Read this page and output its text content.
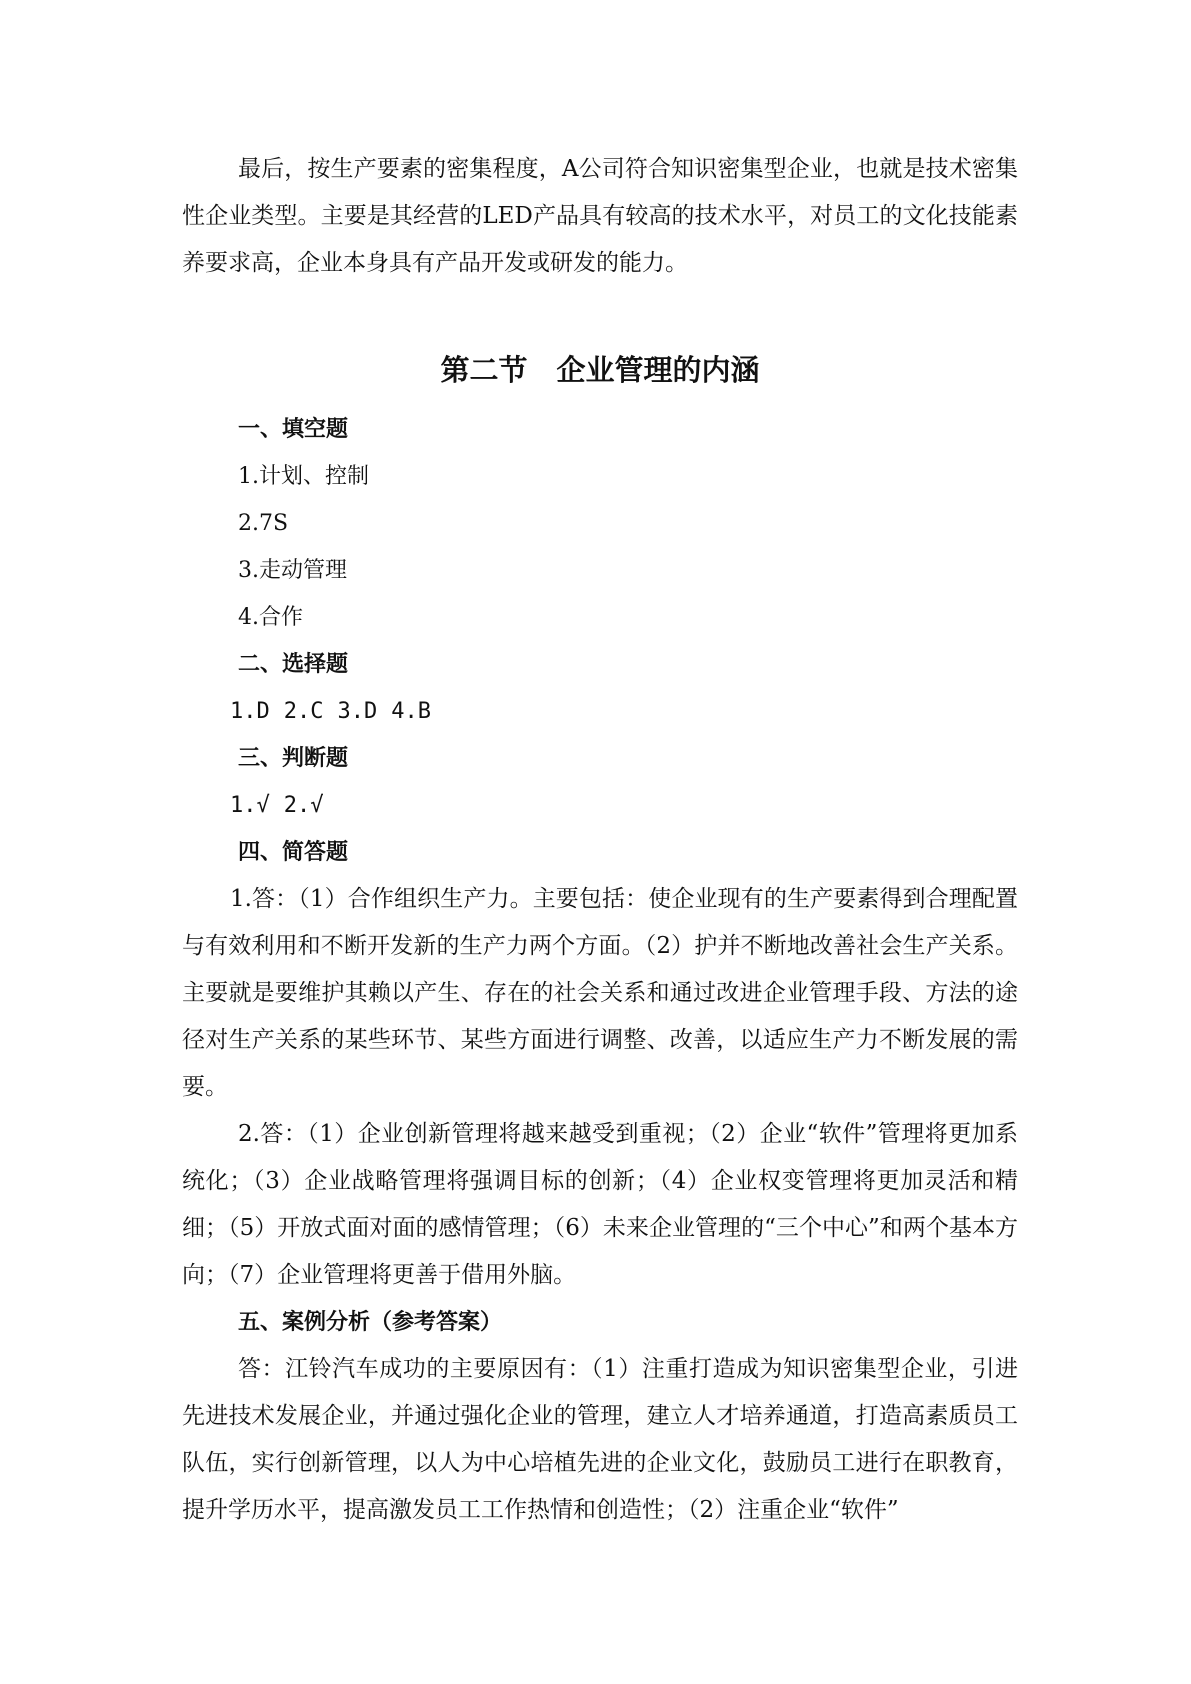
最后，按生产要素的密集程度，A公司符合知识密集型企业，也就是技术密集性企业类型。主要是其经营的LED产品具有较高的技术水平，对员工的文化技能素养要求高，企业本身具有产品开发或研发的能力。

第二节　企业管理的内涵

一、填空题

1.计划、控制

2.7S

3.走动管理

4.合作

二、选择题

1.D 2.C 3.D 4.B

三、判断题

1.√ 2.√

四、简答题

1.答：（1）合作组织生产力。主要包括：使企业现有的生产要素得到合理配置与有效利用和不断开发新的生产力两个方面。（2）护并不断地改善社会生产关系。主要就是要维护其赖以产生、存在的社会关系和通过改进企业管理手段、方法的途径对生产关系的某些环节、某些方面进行调整、改善，以适应生产力不断发展的需要。

2.答：（1）企业创新管理将越来越受到重视；（2）企业“软件”管理将更加系统化；（3）企业战略管理将强调目标的创新；（4）企业权变管理将更加灵活和精细；（5）开放式面对面的感情管理；（6）未来企业管理的“三个中心”和两个基本方向；（7）企业管理将更善于借用外脑。

五、案例分析（参考答案）

答：江铃汽车成功的主要原因有：（1）注重打造成为知识密集型企业，引进先进技术发展企业，并通过强化企业的管理，建立人才培养通道，打造高素质员工队伍，实行创新管理，以人为中心培植先进的企业文化，鼓励员工进行在职教育，提升学历水平，提高激发员工工作热情和创造性；（2）注重企业“软件”
